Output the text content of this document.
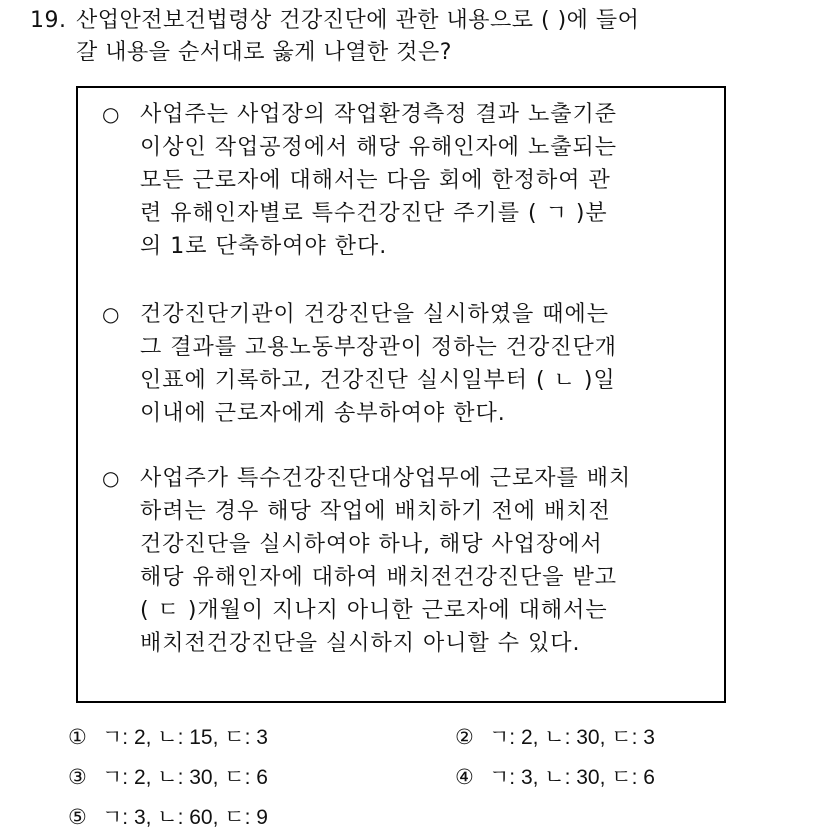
19. 산업안전보건법령상 건강진단에 관한 내용으로 ( )에 들어
갈 내용을 순서대로 옳게 나열한 것은?
○ 사업주는 사업장의 작업환경측정 결과 노출기준
이상인 작업공정에서 해당 유해인자에 노출되는
모든 근로자에 대해서는 다음 회에 한정하여 관
련 유해인자별로 특수건강진단 주기를 ( ㄱ )분
의 1로 단축하여야 한다.
○ 건강진단기관이 건강진단을 실시하였을 때에는
그 결과를 고용노동부장관이 정하는 건강진단개
인표에 기록하고, 건강진단 실시일부터 ( ㄴ )일
이내에 근로자에게 송부하여야 한다.
○ 사업주가 특수건강진단대상업무에 근로자를 배치
하려는 경우 해당 작업에 배치하기 전에 배치전
건강진단을 실시하여야 하나, 해당 사업장에서
해당 유해인자에 대하여 배치전건강진단을 받고
( ㄷ )개월이 지나지 아니한 근로자에 대해서는
배치전건강진단을 실시하지 아니할 수 있다.
① ㄱ: 2, ㄴ: 15, ㄷ: 3	② ㄱ: 2, ㄴ: 30, ㄷ: 3
③ ㄱ: 2, ㄴ: 30, ㄷ: 6	④ ㄱ: 3, ㄴ: 30, ㄷ: 6
⑤ ㄱ: 3, ㄴ: 60, ㄷ: 9
